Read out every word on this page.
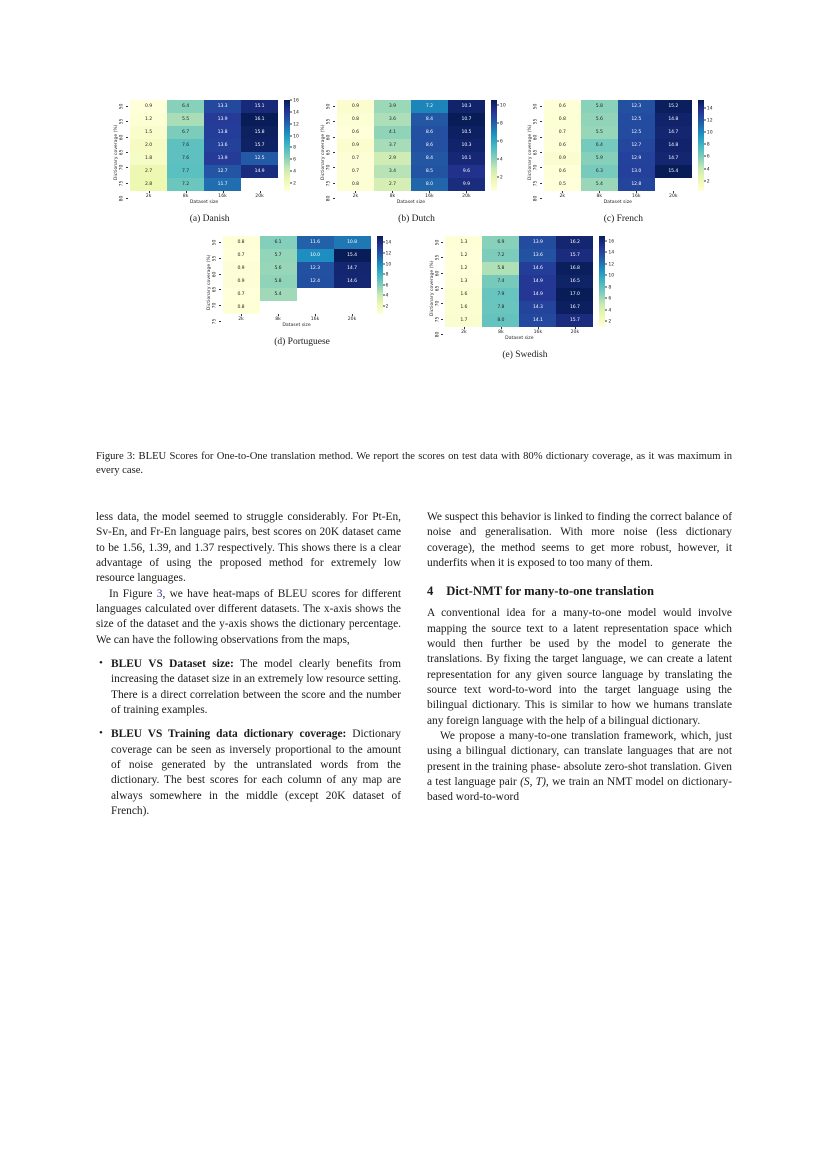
Dictionary coverage (%)
50
55
60
65
70
75
80
0.9	6.4	13.3	15.1
1.2	5.5	13.9	16.1
1.5	6.7	13.8	15.8
2.0	7.6	13.6	15.7
1.8	7.6	13.9	12.5
2.7	7.7	12.7	14.9
2.8	7.2	11.7
2k	8k	16k	20k
Dataset size
2
4
6
8
10
12
14
16
(a) Danish
Dictionary coverage (%)
50
55
60
65
70
75
80
0.9	3.9	7.2	10.3
0.8	3.6	8.4	10.7
0.6	4.1	8.6	10.5
0.9	3.7	8.6	10.3
0.7	2.9	8.4	10.1
0.7	3.4	8.5	9.6
0.8	2.7	8.0	9.9
2k	8k	16k	20k
Dataset size
2
4
6
8
10
(b) Dutch
Dictionary coverage (%)
50
55
60
65
70
75
80
0.6	5.8	12.3	15.2
0.8	5.6	12.5	14.8
0.7	5.5	12.5	14.7
0.6	6.4	12.7	14.8
0.9	5.9	12.9	14.7
0.6	6.3	13.0	15.4
0.5	5.4	12.8
2k	8k	16k	20k
Dataset size
2
4
6
8
10
12
14
(c) French
Dictionary coverage (%)
50
55
60
65
70
75
0.8	6.1	11.6	10.8
0.7	5.7	10.0	15.4
0.9	5.6	12.3	14.7
0.9	5.8	12.4	14.6
0.7	5.4
0.8
2k	8k	16k	20k
Dataset size
2
4
6
8
10
12
14
(d) Portuguese
Dictionary coverage (%)
50
55
60
65
70
75
80
1.3	6.9	13.9	16.2
1.2	7.2	13.6	15.7
1.2	5.8	14.6	16.8
1.3	7.4	14.9	16.5
1.6	7.9	14.9	17.0
1.6	7.8	14.3	16.7
1.7	8.0	14.1	15.7
2k	8k	16k	20k
Dataset size
2
4
6
8
10
12
14
16
(e) Swedish
Figure 3: BLEU Scores for One-to-One translation method. We report the scores on test data with 80% dictionary coverage, as it was maximum in every case.

less data, the model seemed to struggle considerably. For Pt-En, Sv-En, and Fr-En language pairs, best scores on 20K dataset came to be 1.56, 1.39, and 1.37 respectively. This shows there is a clear advantage of using the proposed method for extremely low resource languages.

In Figure 3, we have heat-maps of BLEU scores for different languages calculated over different datasets. The x-axis shows the size of the dataset and the y-axis shows the dictionary percentage. We can have the following observations from the maps,

• BLEU VS Dataset size: The model clearly benefits from increasing the dataset size in an extremely low resource setting. There is a direct correlation between the score and the number of training examples.
• BLEU VS Training data dictionary coverage: Dictionary coverage can be seen as inversely proportional to the amount of noise generated by the untranslated words from the dictionary. The best scores for each column of any map are always somewhere in the middle (except 20K dataset of French).

We suspect this behavior is linked to finding the correct balance of noise and generalisation. With more noise (less dictionary coverage), the method seems to get more robust, however, it underfits when it is exposed to too many of them.

4 Dict-NMT for many-to-one translation

A conventional idea for a many-to-one model would involve mapping the source text to a latent representation space which would then further be used by the model to generate the translations. By fixing the target language, we can create a latent representation for any given source language by translating the source text word-to-word into the target language using the bilingual dictionary. This is similar to how we humans translate any foreign language with the help of a bilingual dictionary.

We propose a many-to-one translation framework, which, just using a bilingual dictionary, can translate languages that are not present in the training phase- absolute zero-shot translation. Given a test language pair (S, T), we train an NMT model on dictionary-based word-to-word
